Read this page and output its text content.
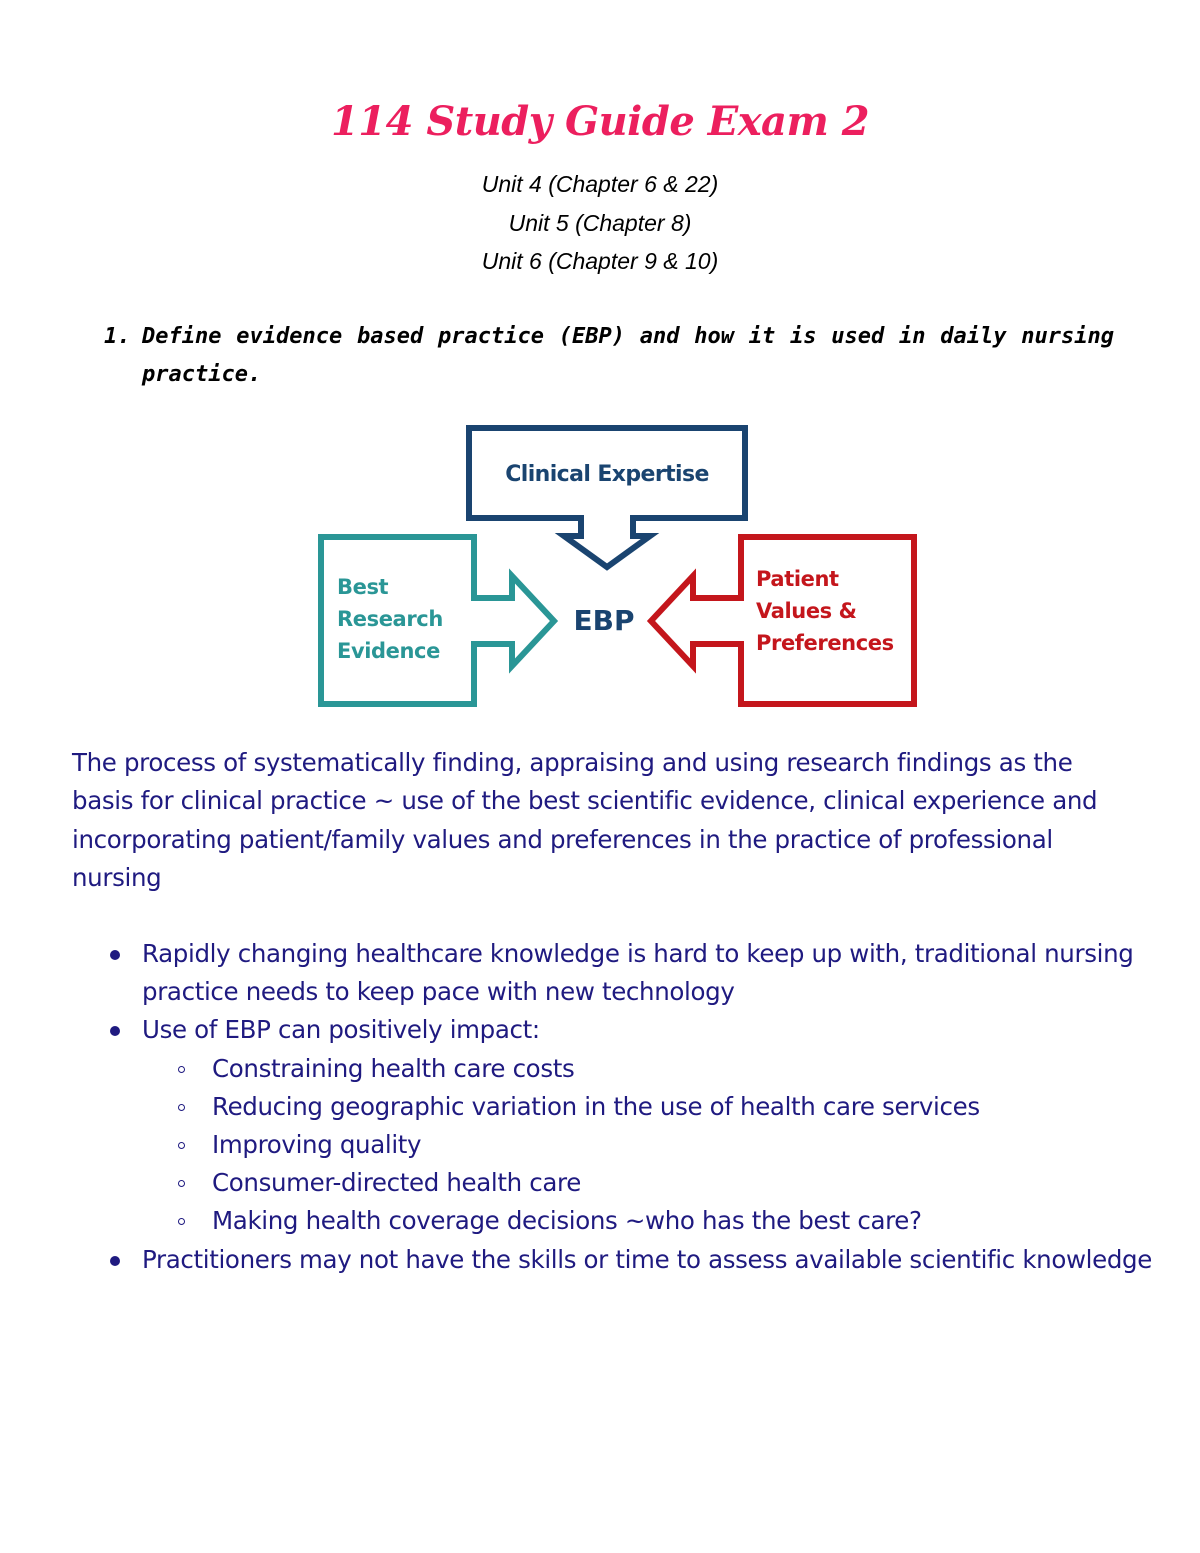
114 Study Guide Exam 2
Unit 4 (Chapter 6 & 22)
Unit 5 (Chapter 8)
Unit 6 (Chapter 9 & 10)
1. Define evidence based practice (EBP) and how it is used in daily nursing practice.
Clinical Expertise
Best Research Evidence
EBP
Patient Values & Preferences

The process of systematically finding, appraising and using research findings as the basis for clinical practice ~ use of the best scientific evidence, clinical experience and incorporating patient/family values and preferences in the practice of professional nursing

Rapidly changing healthcare knowledge is hard to keep up with, traditional nursing practice needs to keep pace with new technology
Use of EBP can positively impact:
Constraining health care costs
Reducing geographic variation in the use of health care services
Improving quality
Consumer-directed health care
Making health coverage decisions ~who has the best care?
Practitioners may not have the skills or time to assess available scientific knowledge
